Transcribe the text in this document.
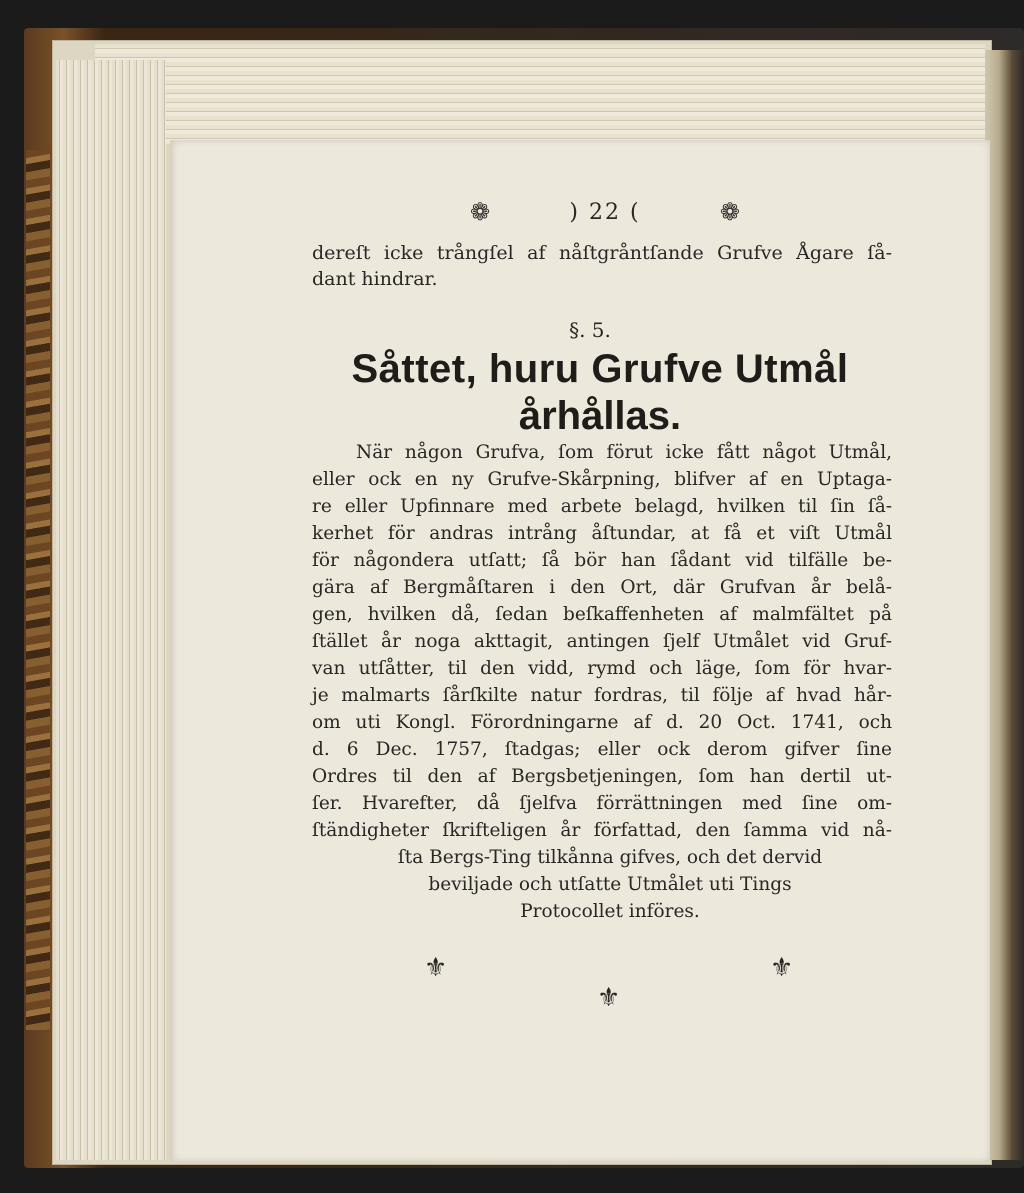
❁	) 22 (	❁
dereſt icke trångſel af nåſtgråntſande Grufve Ågare ſå-
dant hindrar.
§. 5.
Såttet, huru Grufve Utmål
århållas.
När någon Grufva, ſom förut icke fått något Utmål,
eller ock en ny Grufve-Skårpning, blifver af en Uptaga-
re eller Upfinnare med arbete belagd, hvilken til ſin ſå-
kerhet för andras intrång åſtundar, at få et viſt Utmål
för någondera utſatt; ſå bör han ſådant vid tilfälle be-
gära af Bergmåſtaren i den Ort, där Grufvan år belå-
gen, hvilken då, ſedan beſkaffenheten af malmfältet på
ſtället år noga akttagit, antingen ſjelf Utmålet vid Gruf-
van utſåtter, til den vidd, rymd och läge, ſom för hvar-
je malmarts ſårſkilte natur fordras, til följe af hvad hår-
om uti Kongl. Förordningarne af d. 20 Oct. 1741, och
d. 6 Dec. 1757, ſtadgas; eller ock derom gifver ſine
Ordres til den af Bergsbetjeningen, ſom han dertil ut-
ſer. Hvarefter, då ſjelfva förrättningen med ſine om-
ſtändigheter ſkrifteligen år författad, den ſamma vid nå-
ſta Bergs-Ting tilkånna gifves, och det dervid
beviljade och utſatte Utmålet uti Tings
Protocollet införes.
⚜	⚜
⚜
